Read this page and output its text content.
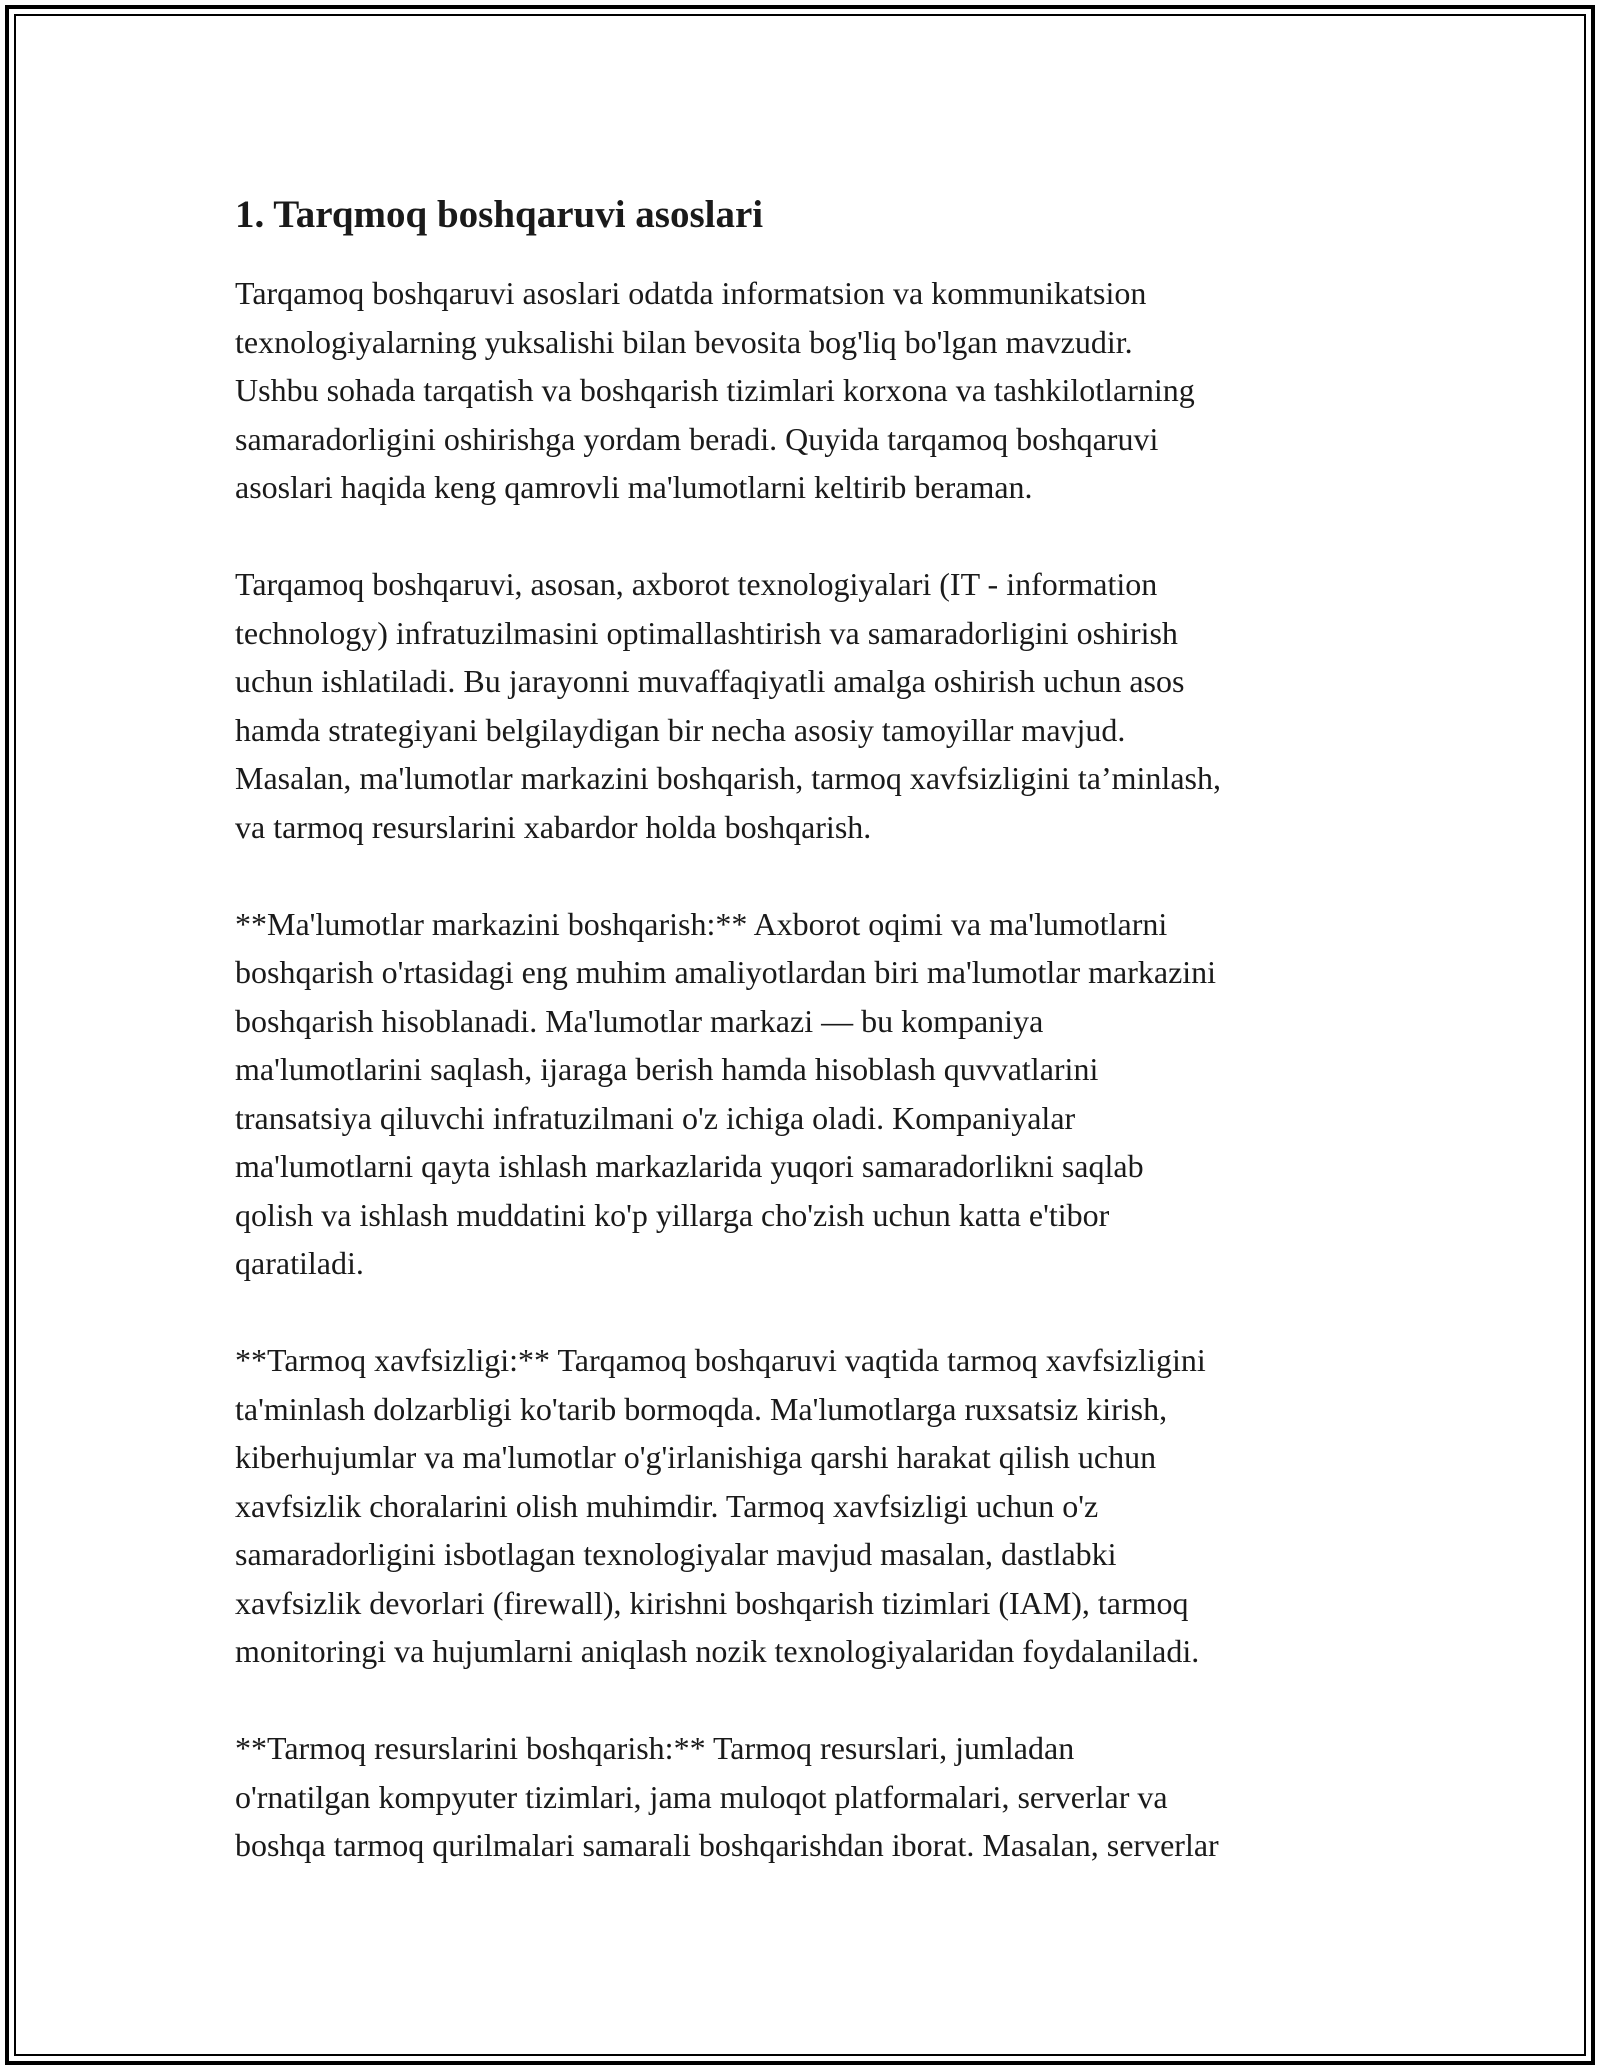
1. Tarqmoq boshqaruvi asoslari

Tarqamoq boshqaruvi asoslari odatda informatsion va kommunikatsion
texnologiyalarning yuksalishi bilan bevosita bog'liq bo'lgan mavzudir.
Ushbu sohada tarqatish va boshqarish tizimlari korxona va tashkilotlarning
samaradorligini oshirishga yordam beradi. Quyida tarqamoq boshqaruvi
asoslari haqida keng qamrovli ma'lumotlarni keltirib beraman.

Tarqamoq boshqaruvi, asosan, axborot texnologiyalari (IT - information
technology) infratuzilmasini optimallashtirish va samaradorligini oshirish
uchun ishlatiladi. Bu jarayonni muvaffaqiyatli amalga oshirish uchun asos
hamda strategiyani belgilaydigan bir necha asosiy tamoyillar mavjud.
Masalan, ma'lumotlar markazini boshqarish, tarmoq xavfsizligini ta’minlash,
va tarmoq resurslarini xabardor holda boshqarish.

**Ma'lumotlar markazini boshqarish:** Axborot oqimi va ma'lumotlarni
boshqarish o'rtasidagi eng muhim amaliyotlardan biri ma'lumotlar markazini
boshqarish hisoblanadi. Ma'lumotlar markazi — bu kompaniya
ma'lumotlarini saqlash, ijaraga berish hamda hisoblash quvvatlarini
transatsiya qiluvchi infratuzilmani o'z ichiga oladi. Kompaniyalar
ma'lumotlarni qayta ishlash markazlarida yuqori samaradorlikni saqlab
qolish va ishlash muddatini ko'p yillarga cho'zish uchun katta e'tibor
qaratiladi.

**Tarmoq xavfsizligi:** Tarqamoq boshqaruvi vaqtida tarmoq xavfsizligini
ta'minlash dolzarbligi ko'tarib bormoqda. Ma'lumotlarga ruxsatsiz kirish,
kiberhujumlar va ma'lumotlar o'g'irlanishiga qarshi harakat qilish uchun
xavfsizlik choralarini olish muhimdir. Tarmoq xavfsizligi uchun o'z
samaradorligini isbotlagan texnologiyalar mavjud masalan, dastlabki
xavfsizlik devorlari (firewall), kirishni boshqarish tizimlari (IAM), tarmoq
monitoringi va hujumlarni aniqlash nozik texnologiyalaridan foydalaniladi.

**Tarmoq resurslarini boshqarish:** Tarmoq resurslari, jumladan
o'rnatilgan kompyuter tizimlari, jama muloqot platformalari, serverlar va
boshqa tarmoq qurilmalari samarali boshqarishdan iborat. Masalan, serverlar
